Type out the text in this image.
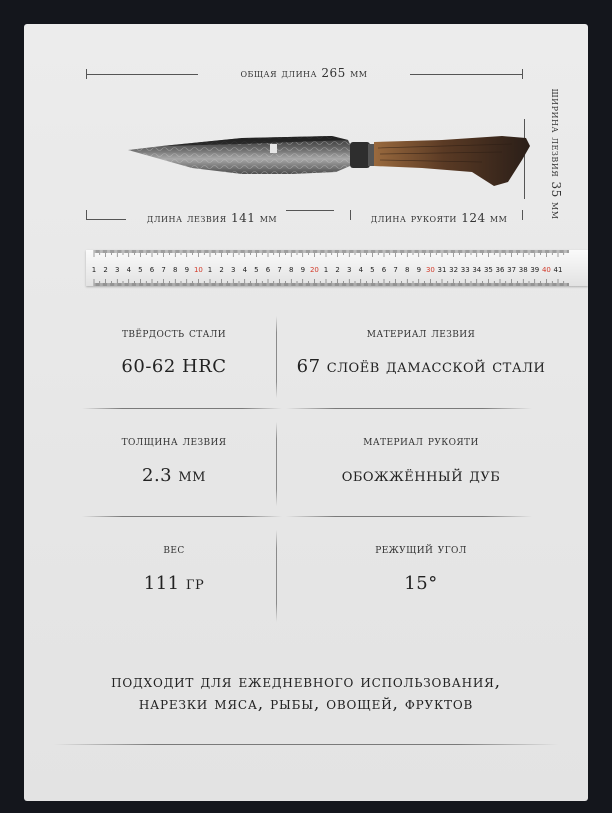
общая длина 265 мм
ширина лезвия 35 мм
длина лезвия 141 мм	длина рукояти 124 мм
1 2 3 4 5 6 7 8 9 10 1 2 3 4 5 6 7 8 9 20 1 2 3 4 5 6 7 8 9 30 31 32 33 34 35 36 37 38 39 40 41
твёрдость стали
60-62 HRC
материал лезвия
67 слоёв дамасской стали
толщина лезвия
2.3 мм
материал рукояти
обожжённый дуб
вес
111 гр
режущий угол
15°
подходит для ежедневного использования,
нарезки мяса, рыбы, овощей, фруктов
